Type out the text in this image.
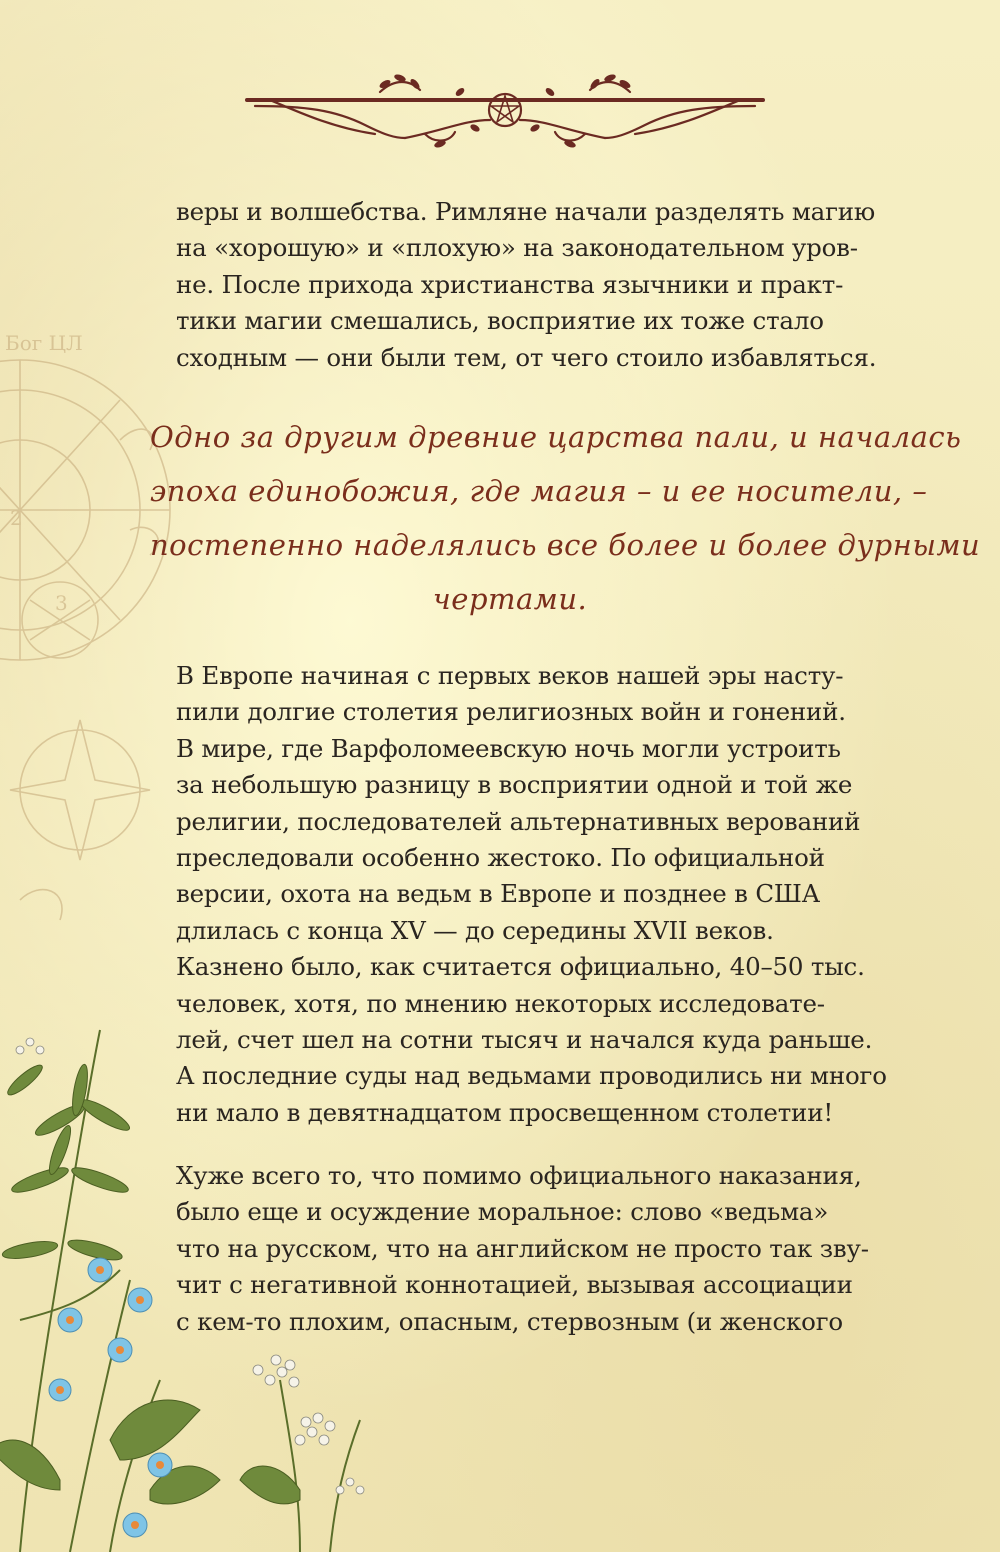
Бог ЦЛ
2
3
веры и волшебства. Римляне начали разделять магию
на «хорошую» и «плохую» на законодательном уров-
не. После прихода христианства язычники и практ-
тики магии смешались, восприятие их тоже стало
сходным — они были тем, от чего стоило избавляться.
Одно за другим древние царства пали, и началась
эпоха единобожия, где магия – и ее носители, –
постепенно наделялись все более и более дурными
чертами.
В Европе начиная с первых веков нашей эры насту-
пили долгие столетия религиозных войн и гонений.
В мире, где Варфоломеевскую ночь могли устроить
за небольшую разницу в восприятии одной и той же
религии, последователей альтернативных верований
преследовали особенно жестоко. По официальной
версии, охота на ведьм в Европе и позднее в США
длилась с конца XV — до середины XVII веков.
Казнено было, как считается официально, 40–50 тыс.
человек, хотя, по мнению некоторых исследовате-
лей, счет шел на сотни тысяч и начался куда раньше.
А последние суды над ведьмами проводились ни много
ни мало в девятнадцатом просвещенном столетии!
Хуже всего то, что помимо официального наказания,
было еще и осуждение моральное: слово «ведьма»
что на русском, что на английском не просто так зву-
чит с негативной коннотацией, вызывая ассоциации
с кем-то плохим, опасным, стервозным (и женского
